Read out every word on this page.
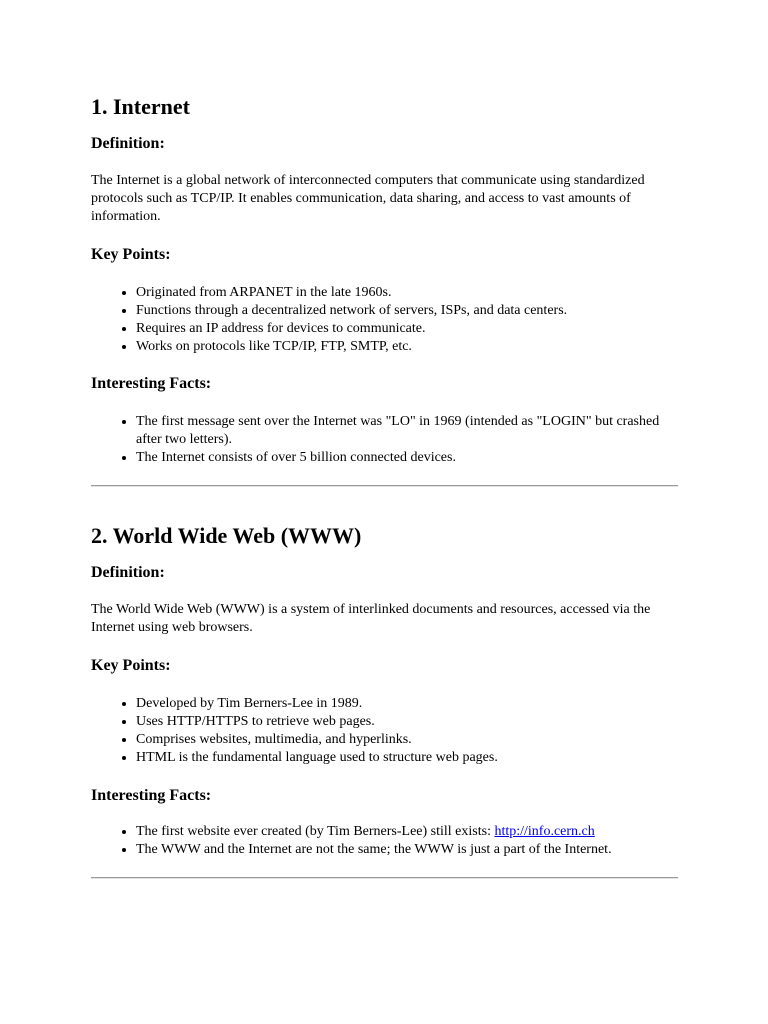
1. Internet
Definition:

The Internet is a global network of interconnected computers that communicate using standardized protocols such as TCP/IP. It enables communication, data sharing, and access to vast amounts of information.

Key Points:
• Originated from ARPANET in the late 1960s.
• Functions through a decentralized network of servers, ISPs, and data centers.
• Requires an IP address for devices to communicate.
• Works on protocols like TCP/IP, FTP, SMTP, etc.
Interesting Facts:
• The first message sent over the Internet was "LO" in 1969 (intended as "LOGIN" but crashed after two letters).
• The Internet consists of over 5 billion connected devices.
2. World Wide Web (WWW)
Definition:

The World Wide Web (WWW) is a system of interlinked documents and resources, accessed via the Internet using web browsers.

Key Points:
• Developed by Tim Berners-Lee in 1989.
• Uses HTTP/HTTPS to retrieve web pages.
• Comprises websites, multimedia, and hyperlinks.
• HTML is the fundamental language used to structure web pages.
Interesting Facts:
• The first website ever created (by Tim Berners-Lee) still exists: http://info.cern.ch
• The WWW and the Internet are not the same; the WWW is just a part of the Internet.
